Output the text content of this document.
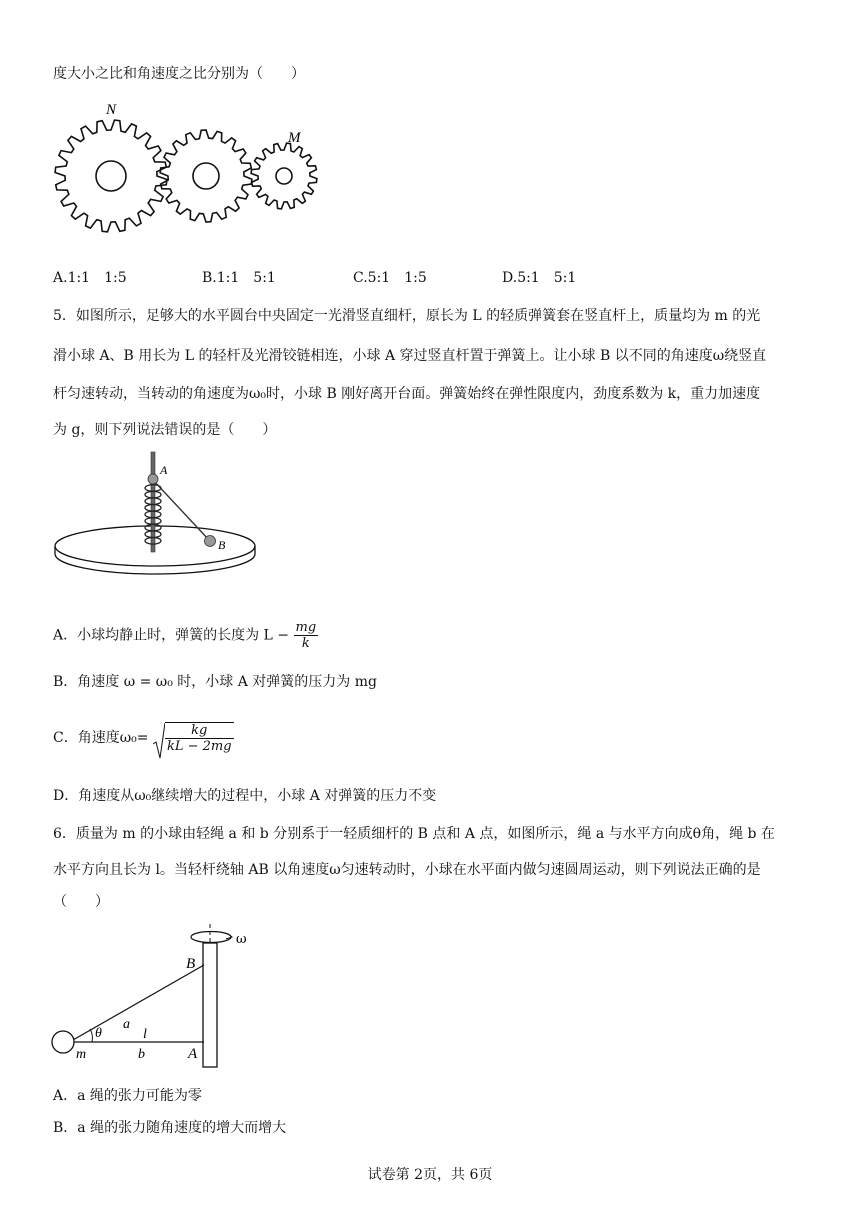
度大小之比和角速度之比分别为（　　）
N
M
A.1:1　1:5	B.1:1　5:1	C.5:1　1:5	D.5:1　5:1
5．如图所示，足够大的水平圆台中央固定一光滑竖直细杆，原长为 L 的轻质弹簧套在竖直杆上，质量均为 m 的光
滑小球 A、B 用长为 L 的轻杆及光滑铰链相连，小球 A 穿过竖直杆置于弹簧上。让小球 B 以不同的角速度ω绕竖直
杆匀速转动，当转动的角速度为ω₀时，小球 B 刚好离开台面。弹簧始终在弹性限度内，劲度系数为 k，重力加速度
为 g，则下列说法错误的是（　　）
A
B
A．小球均静止时，弹簧的长度为 $L - \frac{mg}{k}$
B．角速度 ω = ω₀ 时，小球 A 对弹簧的压力为 mg
C．角速度$\omega_0= \frac{kg}{kL - 2mg}$
D．角速度从ω₀继续增大的过程中，小球 A 对弹簧的压力不变
6．质量为 m 的小球由轻绳 a 和 b 分别系于一轻质细杆的 B 点和 A 点，如图所示，绳 a 与水平方向成θ角，绳 b 在
水平方向且长为 l。当轻杆绕轴 AB 以角速度ω匀速转动时，小球在水平面内做匀速圆周运动，则下列说法正确的是
（　　）
ω
B
A
a
θ	l
b
m
A．a 绳的张力可能为零
B．a 绳的张力随角速度的增大而增大
试卷第 2页，共 6页
